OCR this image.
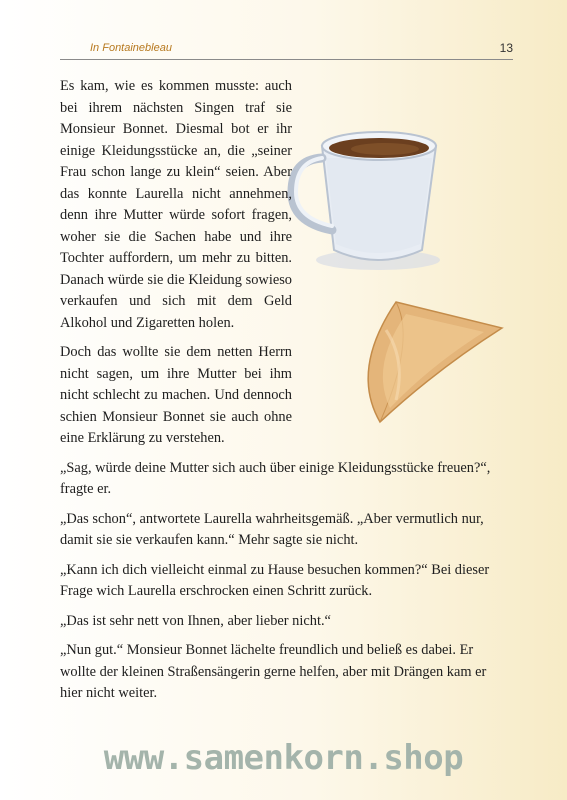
In Fontainebleau	13

Es kam, wie es kommen musste: auch bei ihrem nächsten Singen traf sie Monsieur Bonnet. Diesmal bot er ihr einige Kleidungsstücke an, die „seiner Frau schon lange zu klein“ seien. Aber das konnte Laurella nicht annehmen, denn ihre Mutter würde sofort fragen, woher sie die Sachen habe und ihre Tochter auffordern, um mehr zu bitten. Danach würde sie die Kleidung sowieso verkaufen und sich mit dem Geld Alkohol und Zigaretten holen.

Doch das wollte sie dem netten Herrn nicht sagen, um ihre Mutter bei ihm nicht schlecht zu machen. Und dennoch schien Monsieur Bonnet sie auch ohne eine Erklärung zu verstehen.

„Sag, würde deine Mutter sich auch über einige Kleidungsstücke freuen?“, fragte er.

„Das schon“, antwortete Laurella wahrheitsgemäß. „Aber vermutlich nur, damit sie sie verkaufen kann.“ Mehr sagte sie nicht.

„Kann ich dich vielleicht einmal zu Hause besuchen kommen?“ Bei dieser Frage wich Laurella erschrocken einen Schritt zurück.

„Das ist sehr nett von Ihnen, aber lieber nicht.“

„Nun gut.“ Monsieur Bonnet lächelte freundlich und beließ es dabei. Er wollte der kleinen Straßensängerin gerne helfen, aber mit Drängen kam er hier nicht weiter.

www.samenkorn.shop
